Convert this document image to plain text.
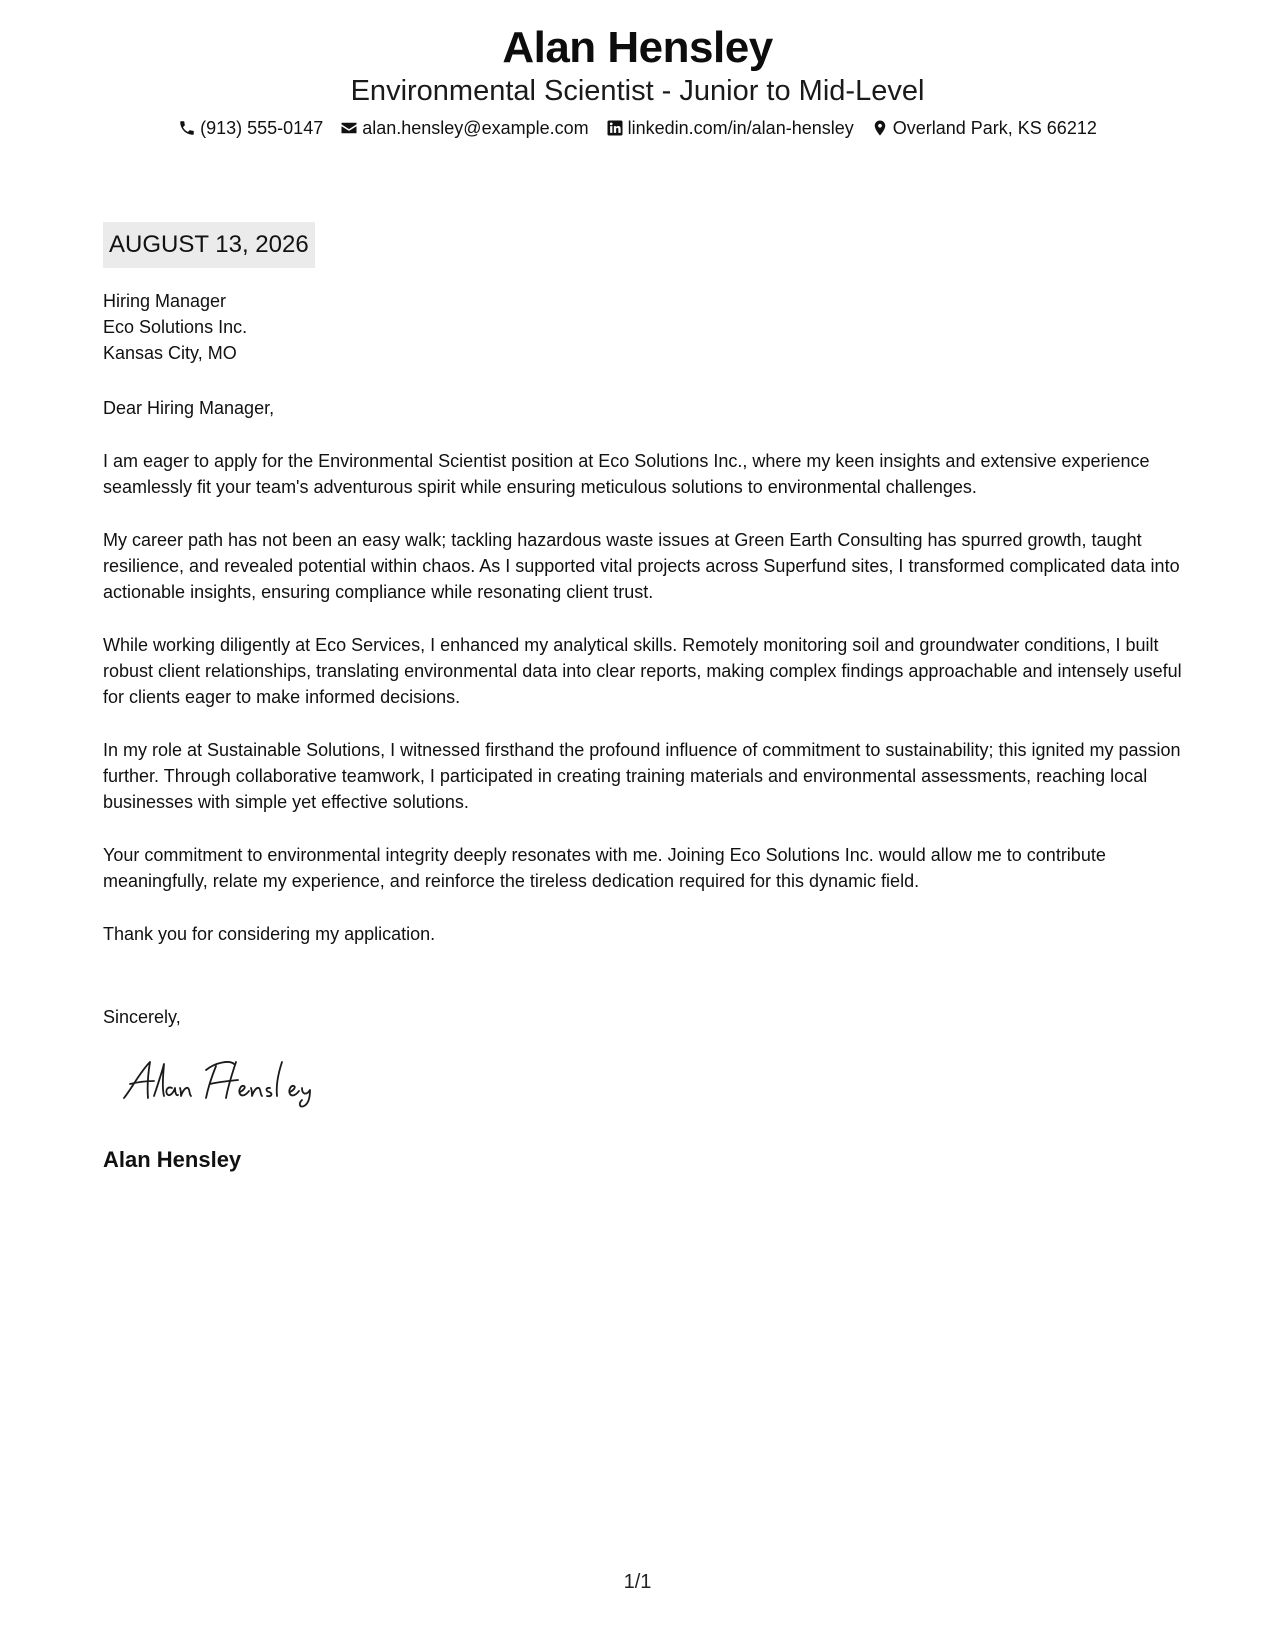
Alan Hensley
Environmental Scientist - Junior to Mid-Level
(913) 555-0147 alan.hensley@example.com linkedin.com/in/alan-hensley Overland Park, KS 66212
AUGUST 13, 2026
Hiring Manager
Eco Solutions Inc.
Kansas City, MO

Dear Hiring Manager,

I am eager to apply for the Environmental Scientist position at Eco Solutions Inc., where my keen insights and extensive experience seamlessly fit your team's adventurous spirit while ensuring meticulous solutions to environmental challenges.

My career path has not been an easy walk; tackling hazardous waste issues at Green Earth Consulting has spurred growth, taught resilience, and revealed potential within chaos. As I supported vital projects across Superfund sites, I transformed complicated data into actionable insights, ensuring compliance while resonating client trust.

While working diligently at Eco Services, I enhanced my analytical skills. Remotely monitoring soil and groundwater conditions, I built robust client relationships, translating environmental data into clear reports, making complex findings approachable and intensely useful for clients eager to make informed decisions.

In my role at Sustainable Solutions, I witnessed firsthand the profound influence of commitment to sustainability; this ignited my passion further. Through collaborative teamwork, I participated in creating training materials and environmental assessments, reaching local businesses with simple yet effective solutions.

Your commitment to environmental integrity deeply resonates with me. Joining Eco Solutions Inc. would allow me to contribute meaningfully, relate my experience, and reinforce the tireless dedication required for this dynamic field.

Thank you for considering my application.

Sincerely,
Alan Hensley
1/1
